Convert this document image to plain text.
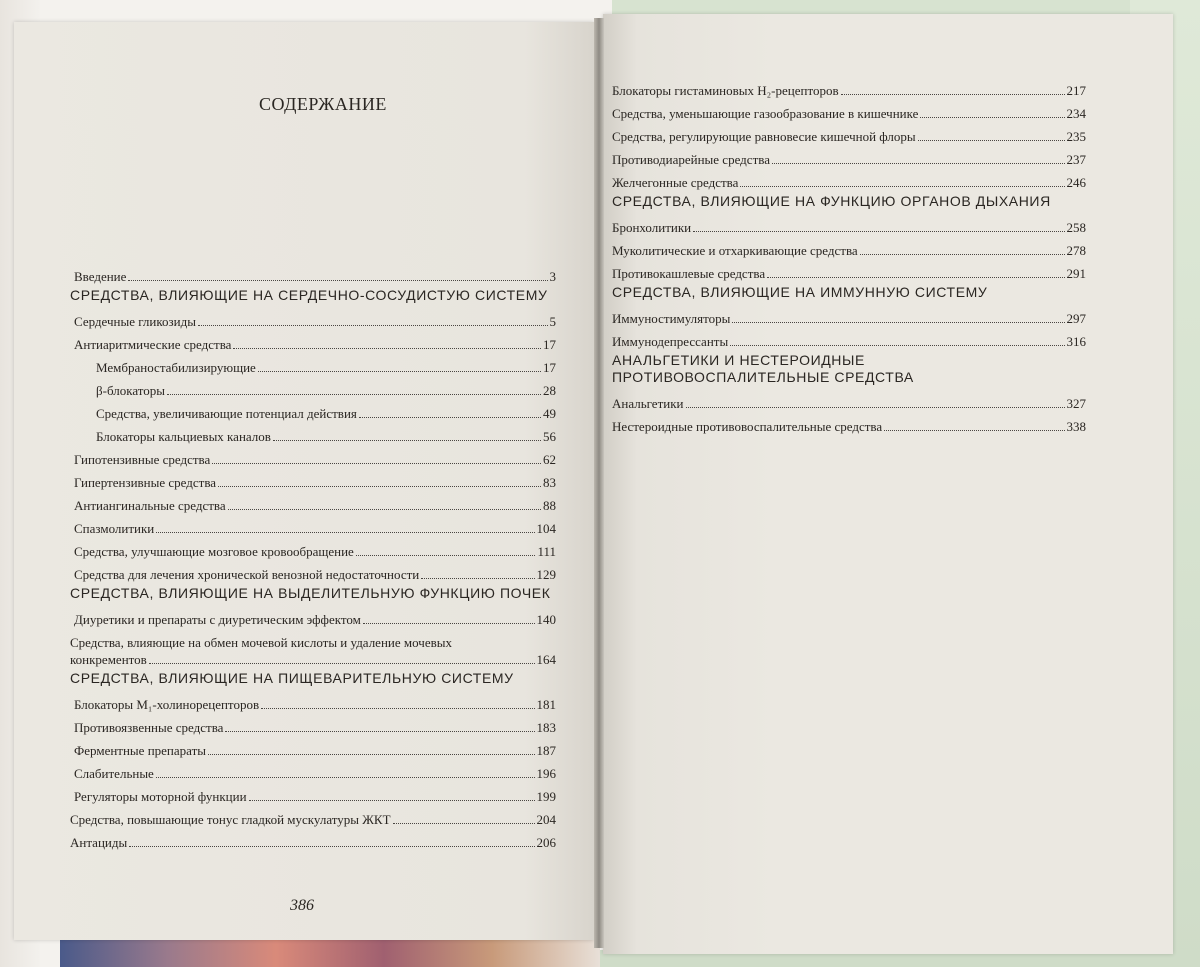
СОДЕРЖАНИЕ
Введение	3
СРЕДСТВА, ВЛИЯЮЩИЕ НА СЕРДЕЧНО-СОСУДИСТУЮ СИСТЕМУ
Сердечные гликозиды	5
Антиаритмические средства	17
Мембраностабилизирующие	17
β-блокаторы	28
Средства, увеличивающие потенциал действия	49
Блокаторы кальциевых каналов	56
Гипотензивные средства	62
Гипертензивные средства	83
Антиангинальные средства	88
Спазмолитики	104
Средства, улучшающие мозговое кровообращение	111
Средства для лечения хронической венозной недостаточности	129
СРЕДСТВА, ВЛИЯЮЩИЕ НА ВЫДЕЛИТЕЛЬНУЮ ФУНКЦИЮ ПОЧЕК
Диуретики и препараты с диуретическим эффектом	140
Средства, влияющие на обмен мочевой кислоты и удаление мочевых
конкрементов	164
СРЕДСТВА, ВЛИЯЮЩИЕ НА ПИЩЕВАРИТЕЛЬНУЮ СИСТЕМУ
Блокаторы М₁-холинорецепторов	181
Противоязвенные средства	183
Ферментные препараты	187
Слабительные	196
Регуляторы моторной функции	199
Средства, повышающие тонус гладкой мускулатуры ЖКТ	204
Антациды	206
Блокаторы гистаминовых H₂-рецепторов	217
Средства, уменьшающие газообразование в кишечнике	234
Средства, регулирующие равновесие кишечной флоры	235
Противодиарейные средства	237
Желчегонные средства	246
СРЕДСТВА, ВЛИЯЮЩИЕ НА ФУНКЦИЮ ОРГАНОВ ДЫХАНИЯ
Бронхолитики	258
Муколитические и отхаркивающие средства	278
Противокашлевые средства	291
СРЕДСТВА, ВЛИЯЮЩИЕ НА ИММУННУЮ СИСТЕМУ
Иммуностимуляторы	297
Иммунодепрессанты	316
АНАЛЬГЕТИКИ И НЕСТЕРОИДНЫЕ ПРОТИВОВОСПАЛИТЕЛЬНЫЕ СРЕДСТВА
Анальгетики	327
Нестероидные противовоспалительные средства	338
386
